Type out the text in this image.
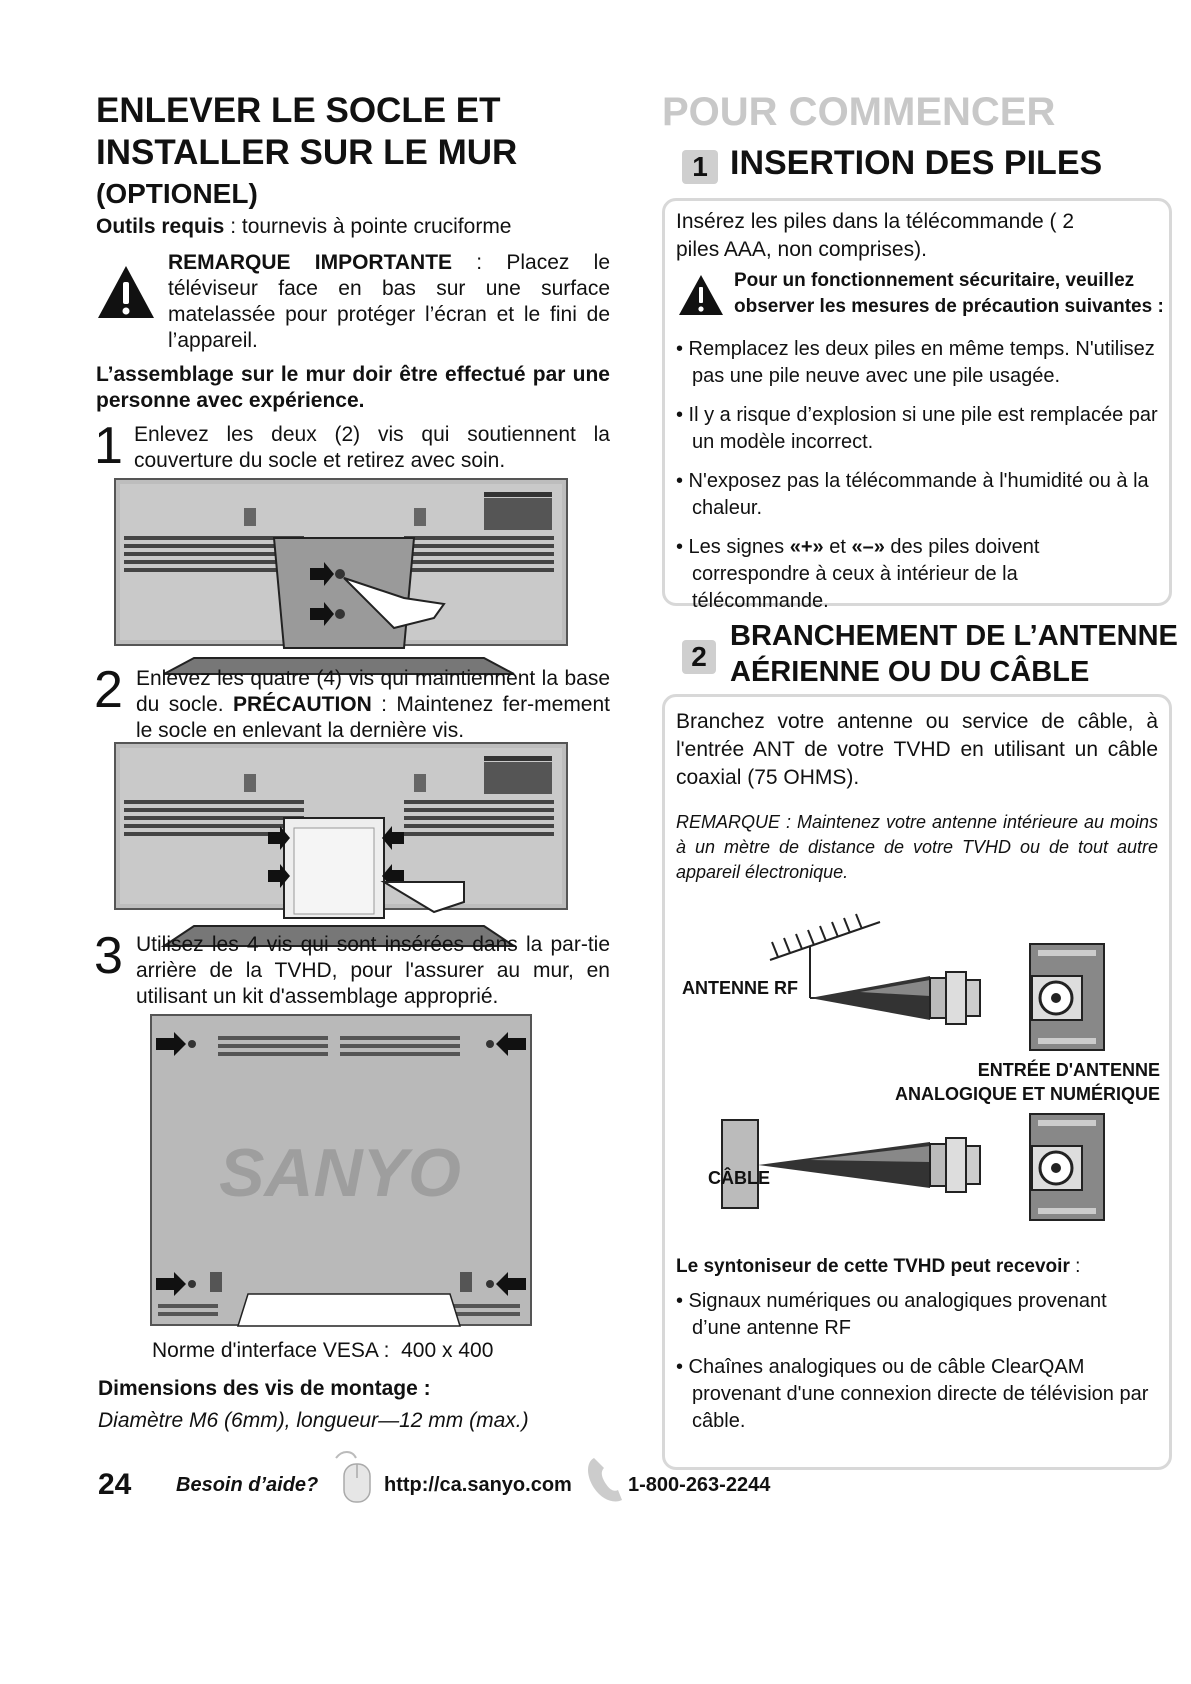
ENLEVER LE SOCLE ET
INSTALLER SUR LE MUR
(OPTIONEL)
Outils requis : tournevis à pointe cruciforme
REMARQUE IMPORTANTE : Placez le téléviseur face en bas sur une surface matelassée pour protéger l’écran et le fini de l’appareil.
L’assemblage sur le mur doir être effectué par une personne avec expérience.
1 Enlevez les deux (2) vis qui soutiennent la couverture du socle et retirez avec soin.
2 Enlevez les quatre (4) vis qui maintiennent la base du socle. PRÉCAUTION : Maintenez fer-mement le socle en enlevant la dernière vis.
3 Utilisez les 4 vis qui sont insérées dans la par-tie arrière de la TVHD, pour l'assurer au mur, en utilisant un kit d'assemblage approprié.
SANYO
Norme d'interface VESA : 400 x 400
Dimensions des vis de montage :
Diamètre M6 (6mm), longueur—12 mm (max.)
POUR COMMENCER
1 INSERTION DES PILES
Insérez les piles dans la télécommande ( 2 piles AAA, non comprises).
Pour un fonctionnement sécuritaire, veuillez observer les mesures de précaution suivantes :
• Remplacez les deux piles en même temps. N'utilisez pas une pile neuve avec une pile usagée.
• Il y a risque d’explosion si une pile est remplacée par un modèle incorrect.
• N'exposez pas la télécommande à l'humidité ou à la chaleur.
• Les signes «+» et «–» des piles doivent correspondre à ceux à intérieur de la télécommande.
2
BRANCHEMENT DE L’ANTENNE
AÉRIENNE OU DU CÂBLE
Branchez votre antenne ou service de câble, à l'entrée ANT de votre TVHD en utilisant un câble coaxial (75 OHMS).
REMARQUE : Maintenez votre antenne intérieure au moins à un mètre de distance de votre TVHD ou de tout autre appareil électronique.
ANTENNE RF
ENTRÉE D'ANTENNE
ANALOGIQUE ET NUMÉRIQUE
CÂBLE
Le syntoniseur de cette TVHD peut recevoir :
• Signaux numériques ou analogiques provenant d’une antenne RF
• Chaînes analogiques ou de câble ClearQAM provenant d'une connexion directe de télévision par câble.
24 Besoin d’aide?	http://ca.sanyo.com	1-800-263-2244
